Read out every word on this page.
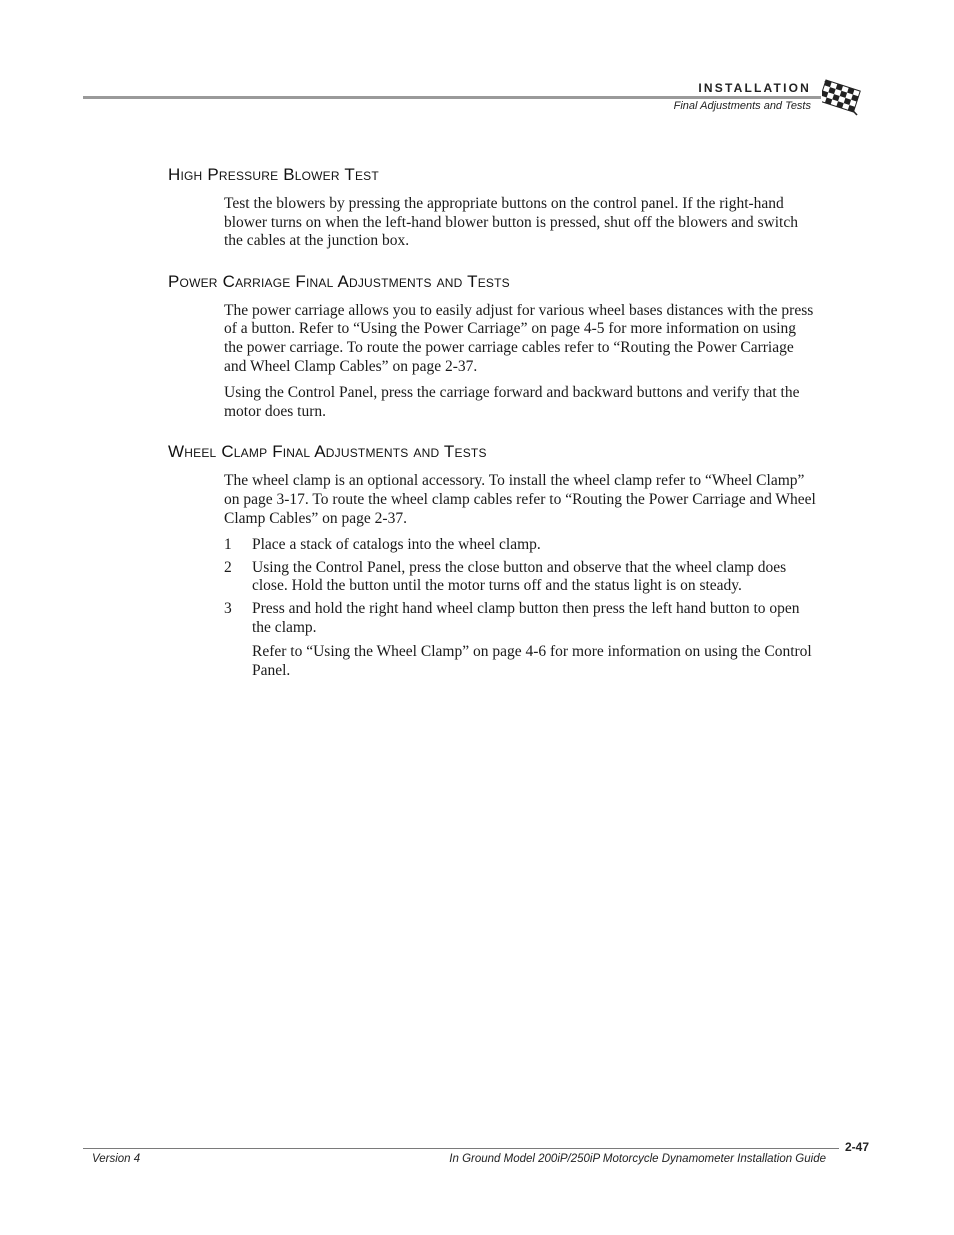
INSTALLATION
Final Adjustments and Tests
High Pressure Blower Test

Test the blowers by pressing the appropriate buttons on the control panel. If the right-hand blower turns on when the left-hand blower button is pressed, shut off the blowers and switch the cables at the junction box.

Power Carriage Final Adjustments and Tests

The power carriage allows you to easily adjust for various wheel bases distances with the press of a button. Refer to “Using the Power Carriage” on page 4-5 for more information on using the power carriage. To route the power carriage cables refer to “Routing the Power Carriage and Wheel Clamp Cables” on page 2-37.

Using the Control Panel, press the carriage forward and backward buttons and verify that the motor does turn.

Wheel Clamp Final Adjustments and Tests

The wheel clamp is an optional accessory. To install the wheel clamp refer to “Wheel Clamp” on page 3-17. To route the wheel clamp cables refer to “Routing the Power Carriage and Wheel Clamp Cables” on page 2-37.

1 Place a stack of catalogs into the wheel clamp.
2 Using the Control Panel, press the close button and observe that the wheel clamp does close. Hold the button until the motor turns off and the status light is on steady.
3 Press and hold the right hand wheel clamp button then press the left hand button to open the clamp.

Refer to “Using the Wheel Clamp” on page 4-6 for more information on using the Control Panel.

2-47
Version 4	In Ground Model 200iP/250iP Motorcycle Dynamometer Installation Guide
